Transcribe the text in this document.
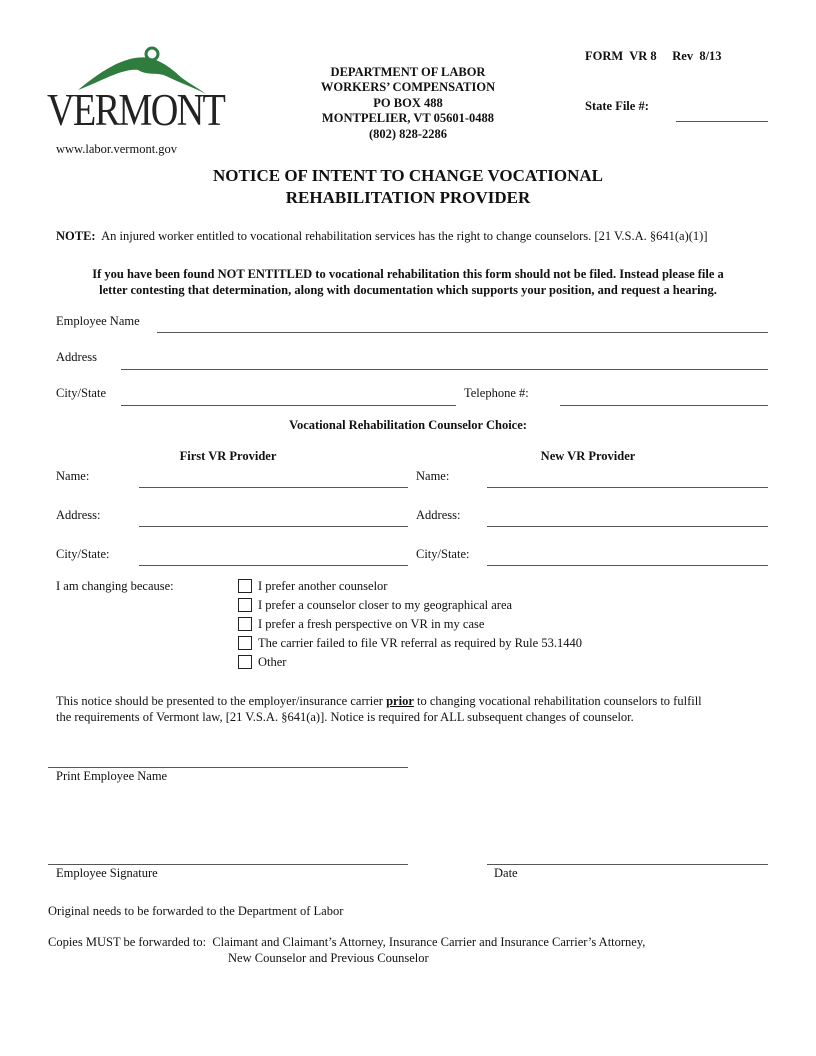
VERMONT
www.labor.vermont.gov
DEPARTMENT OF LABOR
WORKERS’ COMPENSATION
PO BOX 488
MONTPELIER, VT 05601-0488
(802) 828-2286
FORM  VR 8     Rev  8/13
State File #:
NOTICE OF INTENT TO CHANGE VOCATIONAL
REHABILITATION PROVIDER
NOTE: An injured worker entitled to vocational rehabilitation services has the right to change counselors. [21 V.S.A. §641(a)(1)]
If you have been found NOT ENTITLED to vocational rehabilitation this form should not be filed. Instead please file a
letter contesting that determination, along with documentation which supports your position, and request a hearing.
Employee Name
Address
City/State	Telephone #:
Vocational Rehabilitation Counselor Choice:
First VR Provider	New VR Provider
Name:	Name:
Address:	Address:
City/State:	City/State:
I am changing because:	I prefer another counselor
I prefer a counselor closer to my geographical area
I prefer a fresh perspective on VR in my case
The carrier failed to file VR referral as required by Rule 53.1440
Other
This notice should be presented to the employer/insurance carrier prior to changing vocational rehabilitation counselors to fulfill
the requirements of Vermont law, [21 V.S.A. §641(a)]. Notice is required for ALL subsequent changes of counselor.
Print Employee Name
Employee Signature	Date
Original needs to be forwarded to the Department of Labor
Copies MUST be forwarded to:  Claimant and Claimant’s Attorney, Insurance Carrier and Insurance Carrier’s Attorney,
New Counselor and Previous Counselor
